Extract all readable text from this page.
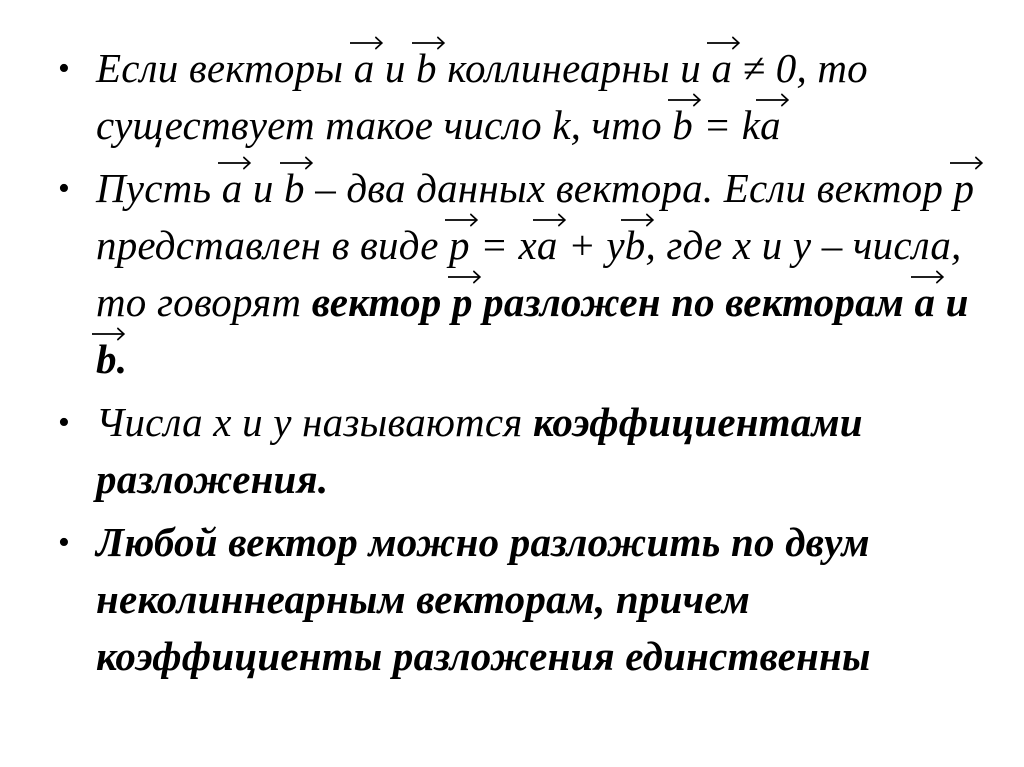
• Если векторы a
и b
коллинеарны и a
≠ 0, то существует такое число k, что b
= ka
• Пусть a
и b
– два данных вектора. Если вектор p
представлен в виде p
= xa
+ yb
, где x и y – числа, то говорят вектор p
разложен по векторам a
и b
.
• Числа x и y называются коэффициентами разложения.
• Любой вектор можно разложить по двум неколиннеарным векторам, причем коэффициенты разложения единственны
